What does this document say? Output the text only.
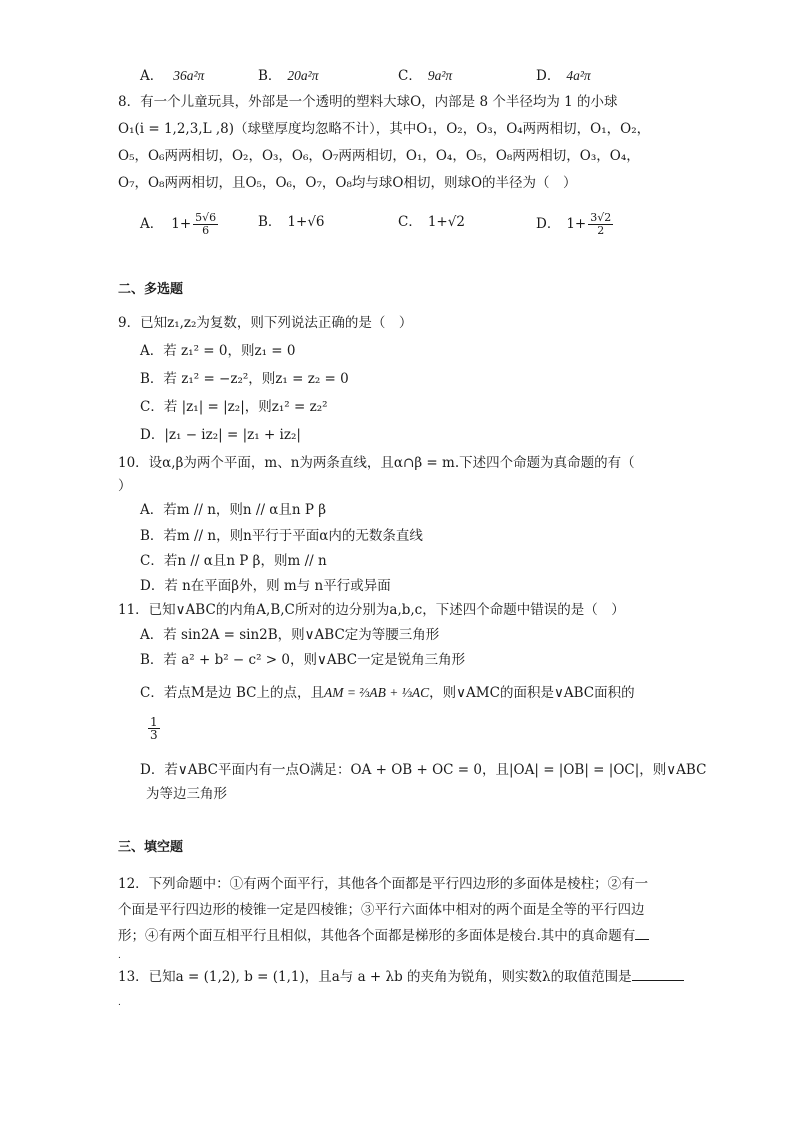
A． 36a²π	B． 20a²π	C． 9a²π	D． 4a²π
8．有一个儿童玩具，外部是一个透明的塑料大球O，内部是 8 个半径均为 1 的小球
O₁(i = 1,2,3,L ,8)（球壁厚度均忽略不计），其中O₁，O₂，O₃，O₄两两相切，O₁，O₂，
O₅，O₆两两相切，O₂，O₃，O₆，O₇两两相切，O₁，O₄，O₅，O₈两两相切，O₃，O₄，
O₇，O₈两两相切，且O₅，O₆，O₇，O₈均与球O相切，则球O的半径为（　）
A． $1+ \frac{5√6}{6}$	B． 1+√6	C． 1+√2	D． $1+ \frac{3√2}{2}$
二、多选题
9．已知z₁,z₂为复数，则下列说法正确的是（　）
A．若 z₁² = 0，则z₁ = 0
B．若 z₁² = −z₂²，则z₁ = z₂ = 0
C．若 |z₁| = |z₂|，则z₁² = z₂²
D．|z₁ − iz₂| = |z₁ + iz₂|
10．设α,β为两个平面，m、n为两条直线，且α∩β = m.下述四个命题为真命题的有（
）
A．若m // n，则n // α且n P β
B．若m // n，则n平行于平面α内的无数条直线
C．若n // α且n P β，则m // n
D．若 n在平面β外，则 m与 n平行或异面
11．已知∨ABC的内角A,B,C所对的边分别为a,b,c，下述四个命题中错误的是（　）
A．若 sin2A = sin2B，则∨ABC定为等腰三角形
B．若 a² + b² − c² > 0，则∨ABC一定是锐角三角形
C．若点M是边 BC上的点，且AM = ⅔AB + ⅓AC，则∨AMC的面积是∨ABC面积的
$\frac{1}{3}$
D．若∨ABC平面内有一点O满足：OA + OB + OC = 0，且|OA| = |OB| = |OC|，则∨ABC
为等边三角形
三、填空题
12．下列命题中：①有两个面平行，其他各个面都是平行四边形的多面体是棱柱；②有一
个面是平行四边形的棱锥一定是四棱锥；③平行六面体中相对的两个面是全等的平行四边
形；④有两个面互相平行且相似，其他各个面都是梯形的多面体是棱台.其中的真命题有
.
13．已知a = (1,2), b = (1,1)，且a与 a + λb 的夹角为锐角，则实数λ的取值范围是
.
